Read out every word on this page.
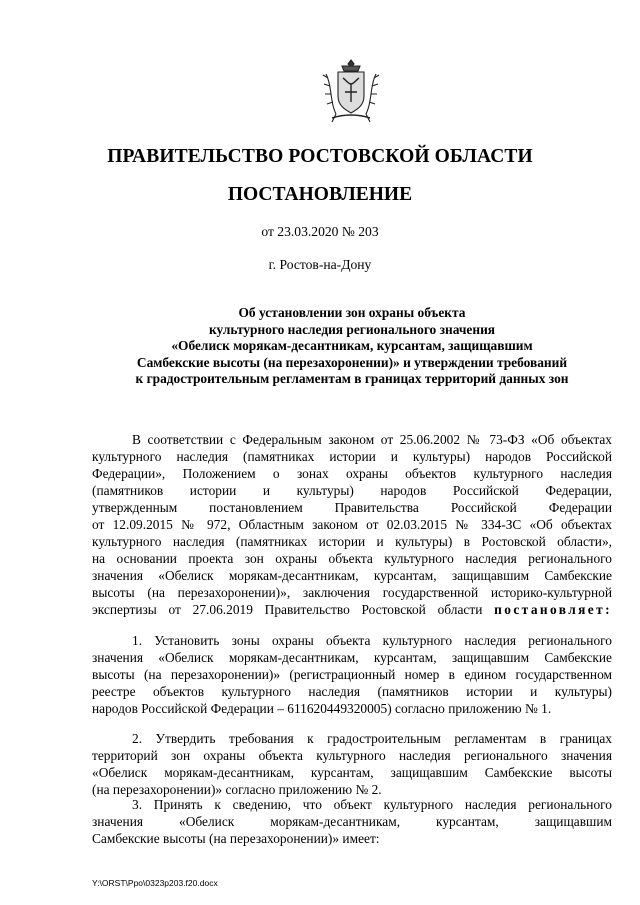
ПРАВИТЕЛЬСТВО РОСТОВСКОЙ ОБЛАСТИ
ПОСТАНОВЛЕНИЕ
от 23.03.2020 № 203
г. Ростов-на-Дону
Об установлении зон охраны объекта
культурного наследия регионального значения
«Обелиск морякам-десантникам, курсантам, защищавшим
Самбекские высоты (на перезахоронении)» и утверждении требований
к градостроительным регламентам в границах территорий данных зон
В соответствии с Федеральным законом от 25.06.2002 № 73-ФЗ «Об объектах
культурного наследия (памятниках истории и культуры) народов Российской
Федерации», Положением о зонах охраны объектов культурного наследия
(памятников истории и культуры) народов Российской Федерации,
утвержденным постановлением Правительства Российской Федерации
от 12.09.2015 № 972, Областным законом от 02.03.2015 № 334-ЗС «Об объектах
культурного наследия (памятниках истории и культуры) в Ростовской области»,
на основании проекта зон охраны объекта культурного наследия регионального
значения «Обелиск морякам-десантникам, курсантам, защищавшим Самбекские
высоты (на перезахоронении)», заключения государственной историко-культурной
экспертизы от 27.06.2019 Правительство Ростовской области постановляет:
1. Установить зоны охраны объекта культурного наследия регионального
значения «Обелиск морякам-десантникам, курсантам, защищавшим Самбекские
высоты (на перезахоронении)» (регистрационный номер в едином государственном
реестре объектов культурного наследия (памятников истории и культуры)
народов Российской Федерации – 611620449320005) согласно приложению № 1.
2. Утвердить требования к градостроительным регламентам в границах
территорий зон охраны объекта культурного наследия регионального значения
«Обелиск морякам-десантникам, курсантам, защищавшим Самбекские высоты
(на перезахоронении)» согласно приложению № 2.
3. Принять к сведению, что объект культурного наследия регионального
значения «Обелиск морякам-десантникам, курсантам, защищавшим
Самбекские высоты (на перезахоронении)» имеет:
Y:\ORST\Ppo\0323p203.f20.docx
